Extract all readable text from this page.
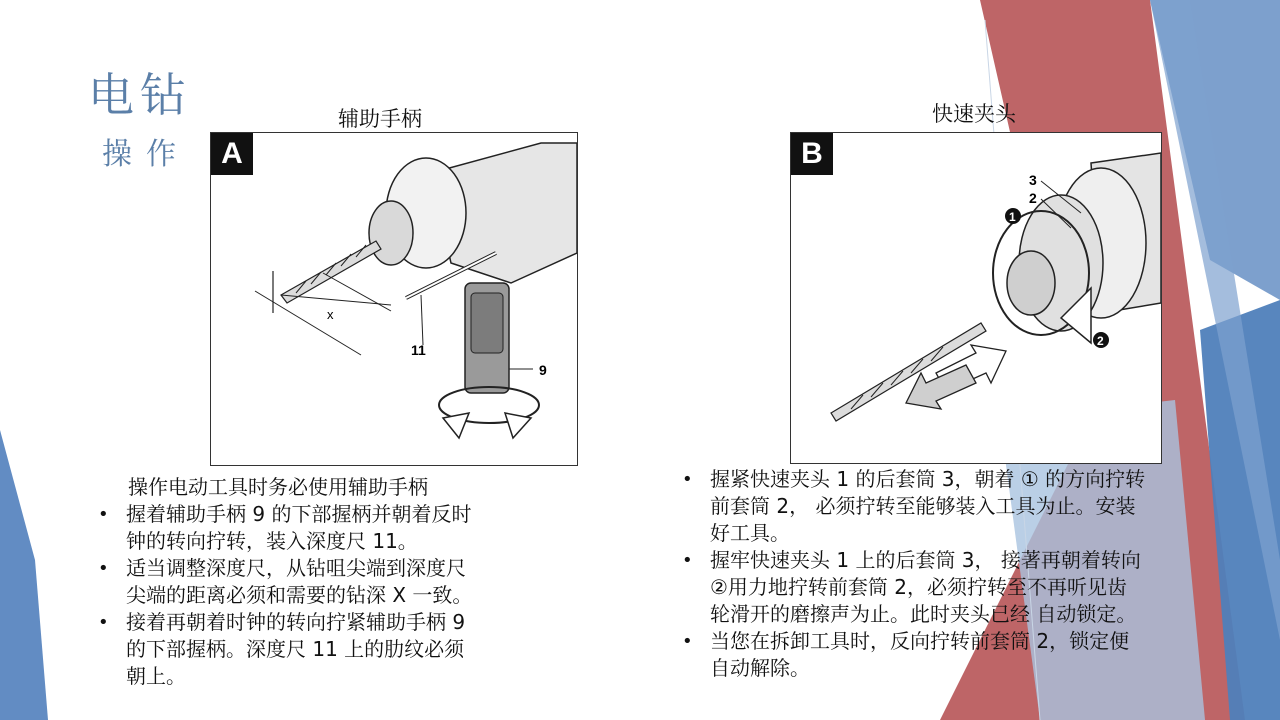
电钻
操作
辅助手柄
x
11
9
A
快速夹头
1
2
3
2
B
操作电动工具时务必使用辅助手柄
• 握着辅助手柄 9 的下部握柄并朝着反时
钟的转向拧转，装入深度尺 11。
• 适当调整深度尺，从钻咀尖端到深度尺
尖端的距离必须和需要的钻深 X 一致。
• 接着再朝着时钟的转向拧紧辅助手柄 9
的下部握柄。深度尺 11 上的肋纹必须
朝上。
• 握紧快速夹头 1 的后套筒 3，朝着 ① 的方向拧转
前套筒 2， 必须拧转至能够装入工具为止。安装
好工具。
• 握牢快速夹头 1 上的后套筒 3， 接著再朝着转向
②用力地拧转前套筒 2，必须拧转至不再听见齿
轮滑开的磨擦声为止。此时夹头已经 自动锁定。
• 当您在拆卸工具时，反向拧转前套筒 2，锁定便
自动解除。
